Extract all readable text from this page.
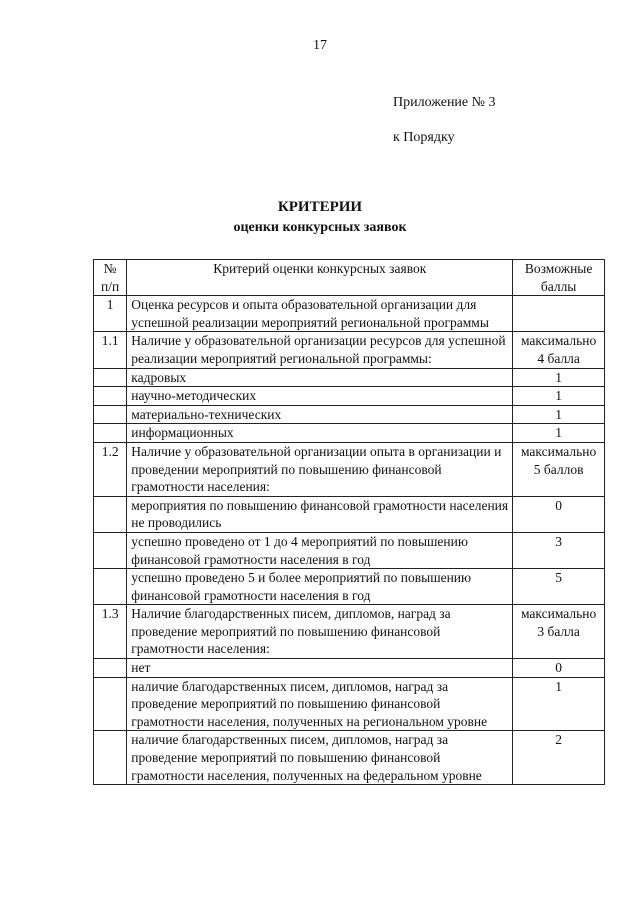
17
Приложение № 3
к Порядку
КРИТЕРИИ
оценки конкурсных заявок
№ п/п	Критерий оценки конкурсных заявок	Возможные баллы
1	Оценка ресурсов и опыта образовательной организации для успешной реализации мероприятий региональной программы	
1.1	Наличие у образовательной организации ресурсов для успешной реализации мероприятий региональной программы:	максимально 4 балла
	кадровых	1
	научно-методических	1
	материально-технических	1
	информационных	1
1.2	Наличие у образовательной организации опыта в организации и проведении мероприятий по повышению финансовой грамотности населения:	максимально 5 баллов
	мероприятия по повышению финансовой грамотности населения не проводились	0
	успешно проведено от 1 до 4 мероприятий по повышению финансовой грамотности населения в год	3
	успешно проведено 5 и более мероприятий по повышению финансовой грамотности населения в год	5
1.3	Наличие благодарственных писем, дипломов, наград за проведение мероприятий по повышению финансовой грамотности населения:	максимально 3 балла
	нет	0
	наличие благодарственных писем, дипломов, наград за проведение мероприятий по повышению финансовой грамотности населения, полученных на региональном уровне	1
	наличие благодарственных писем, дипломов, наград за проведение мероприятий по повышению финансовой грамотности населения, полученных на федеральном уровне	2
